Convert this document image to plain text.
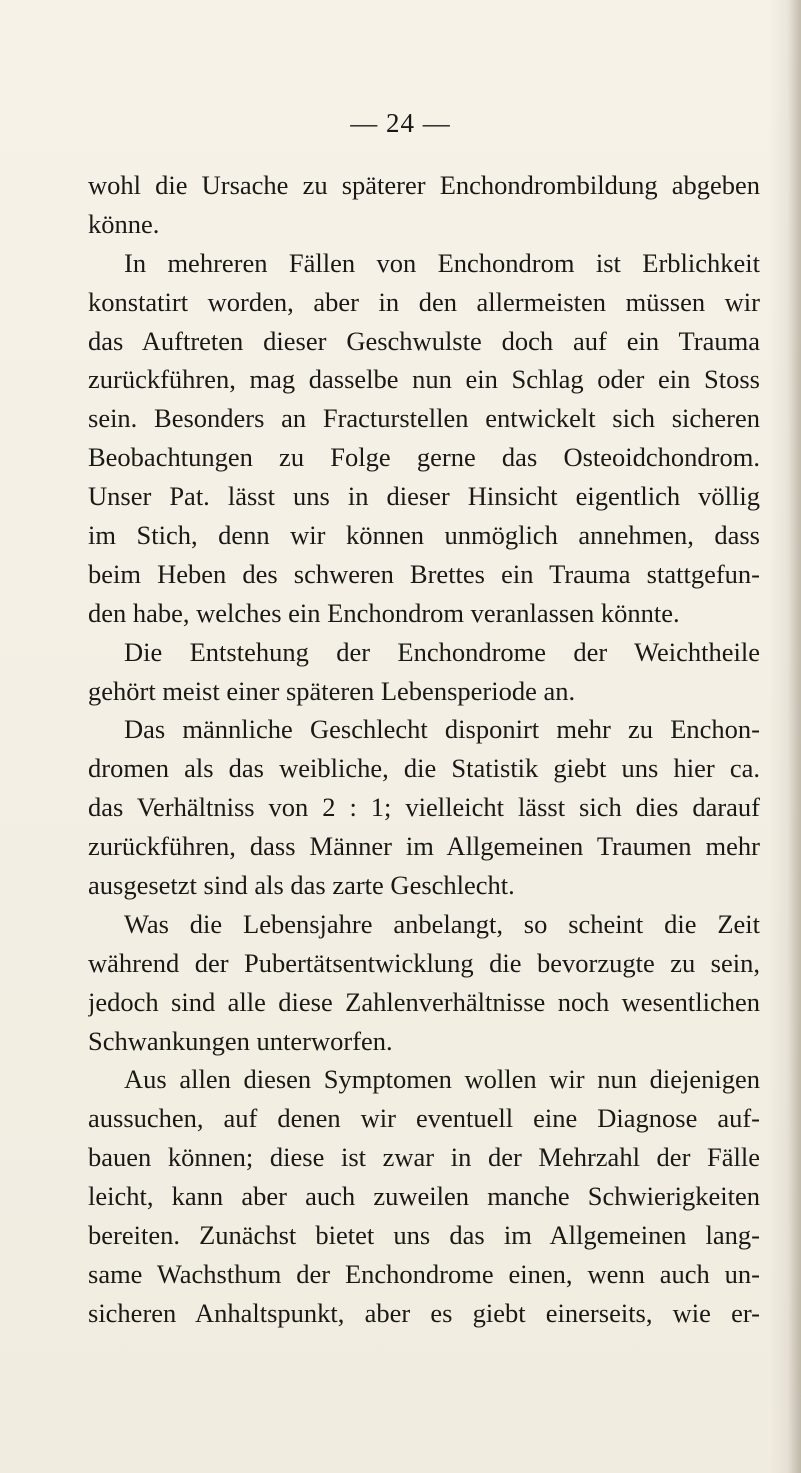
— 24 —

wohl die Ursache zu späterer Enchondrombildung abgeben
könne.
In mehreren Fällen von Enchondrom ist Erblichkeit
konstatirt worden, aber in den allermeisten müssen wir
das Auftreten dieser Geschwulste doch auf ein Trauma
zurückführen, mag dasselbe nun ein Schlag oder ein Stoss
sein. Besonders an Fracturstellen entwickelt sich sicheren
Beobachtungen zu Folge gerne das Osteoidchondrom.
Unser Pat. lässt uns in dieser Hinsicht eigentlich völlig
im Stich, denn wir können unmöglich annehmen, dass
beim Heben des schweren Brettes ein Trauma stattgefun-
den habe, welches ein Enchondrom veranlassen könnte.
Die Entstehung der Enchondrome der Weichtheile
gehört meist einer späteren Lebensperiode an.
Das männliche Geschlecht disponirt mehr zu Enchon-
dromen als das weibliche, die Statistik giebt uns hier ca.
das Verhältniss von 2 : 1; vielleicht lässt sich dies darauf
zurückführen, dass Männer im Allgemeinen Traumen mehr
ausgesetzt sind als das zarte Geschlecht.
Was die Lebensjahre anbelangt, so scheint die Zeit
während der Pubertätsentwicklung die bevorzugte zu sein,
jedoch sind alle diese Zahlenverhältnisse noch wesentlichen
Schwankungen unterworfen.
Aus allen diesen Symptomen wollen wir nun diejenigen
aussuchen, auf denen wir eventuell eine Diagnose auf-
bauen können; diese ist zwar in der Mehrzahl der Fälle
leicht, kann aber auch zuweilen manche Schwierigkeiten
bereiten. Zunächst bietet uns das im Allgemeinen lang-
same Wachsthum der Enchondrome einen, wenn auch un-
sicheren Anhaltspunkt, aber es giebt einerseits, wie er-
